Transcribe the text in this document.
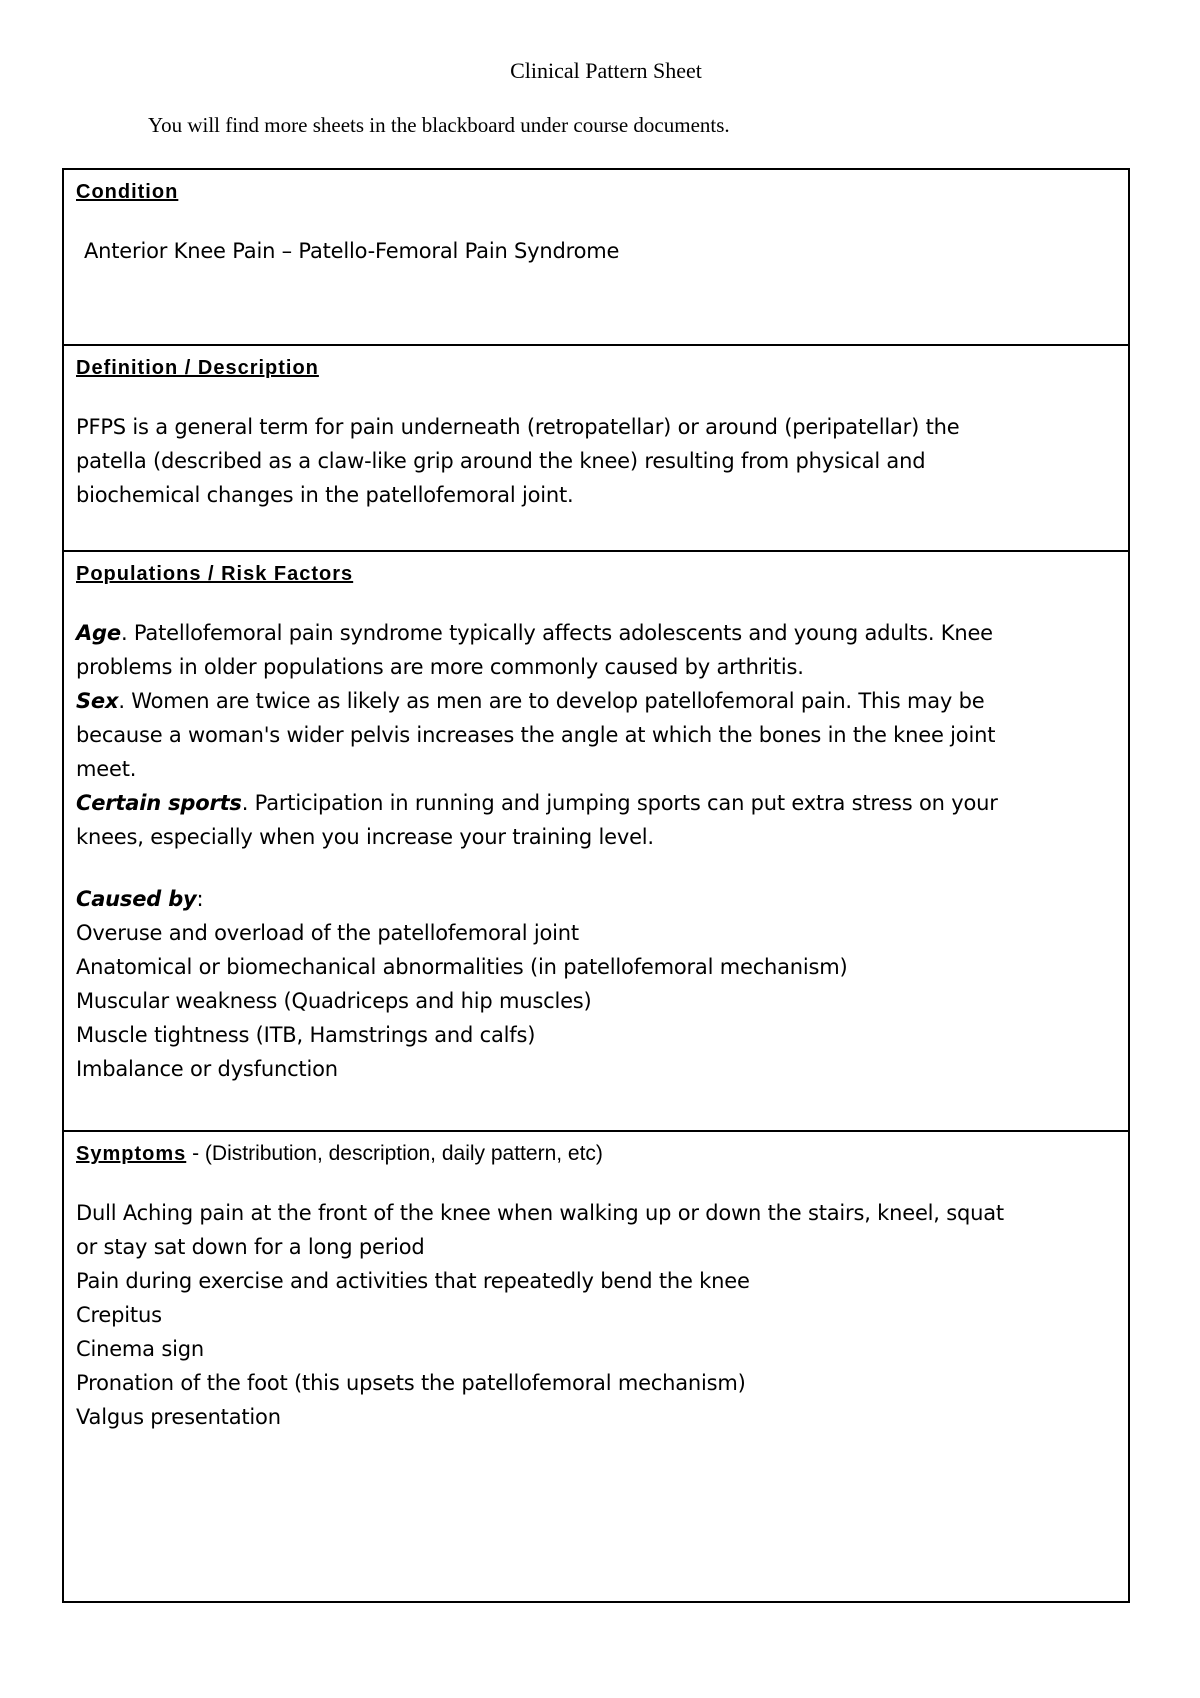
Clinical Pattern Sheet
You will find more sheets in the blackboard under course documents.
Condition

Anterior Knee Pain – Patello-Femoral Pain Syndrome

Definition / Description

PFPS is a general term for pain underneath (retropatellar) or around (peripatellar) the
patella (described as a claw-like grip around the knee) resulting from physical and
biochemical changes in the patellofemoral joint.

Populations / Risk Factors

Age. Patellofemoral pain syndrome typically affects adolescents and young adults. Knee
problems in older populations are more commonly caused by arthritis.
Sex. Women are twice as likely as men are to develop patellofemoral pain. This may be
because a woman's wider pelvis increases the angle at which the bones in the knee joint
meet.
Certain sports. Participation in running and jumping sports can put extra stress on your
knees, especially when you increase your training level.

Caused by:
Overuse and overload of the patellofemoral joint
Anatomical or biomechanical abnormalities (in patellofemoral mechanism)
Muscular weakness (Quadriceps and hip muscles)
Muscle tightness (ITB, Hamstrings and calfs)
Imbalance or dysfunction

Symptoms - (Distribution, description, daily pattern, etc)

Dull Aching pain at the front of the knee when walking up or down the stairs, kneel, squat
or stay sat down for a long period
Pain during exercise and activities that repeatedly bend the knee
Crepitus
Cinema sign
Pronation of the foot (this upsets the patellofemoral mechanism)
Valgus presentation
